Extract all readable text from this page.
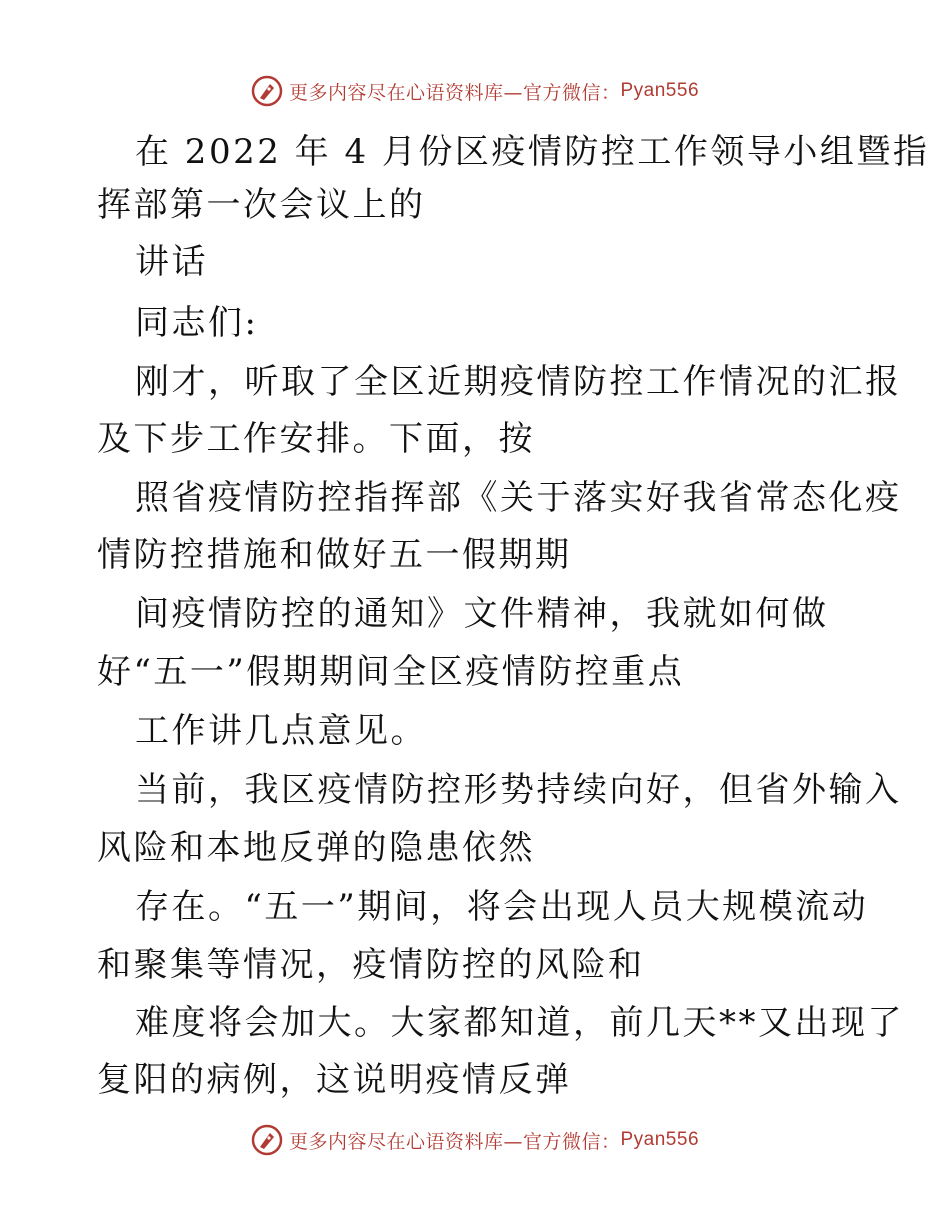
更多内容尽在心语资料库—官方微信： Pyan556
在 2022 年 4 月份区疫情防控工作领导小组暨指
挥部第一次会议上的
讲话
同志们:
刚才，听取了全区近期疫情防控工作情况的汇报
及下步工作安排。下面，按
照省疫情防控指挥部《关于落实好我省常态化疫
情防控措施和做好五一假期期
间疫情防控的通知》文件精神，我就如何做
好“五一”假期期间全区疫情防控重点
工作讲几点意见。
当前，我区疫情防控形势持续向好，但省外输入
风险和本地反弹的隐患依然
存在。“五一”期间，将会出现人员大规模流动
和聚集等情况，疫情防控的风险和
难度将会加大。大家都知道，前几天**又出现了
复阳的病例，这说明疫情反弹
更多内容尽在心语资料库—官方微信： Pyan556
